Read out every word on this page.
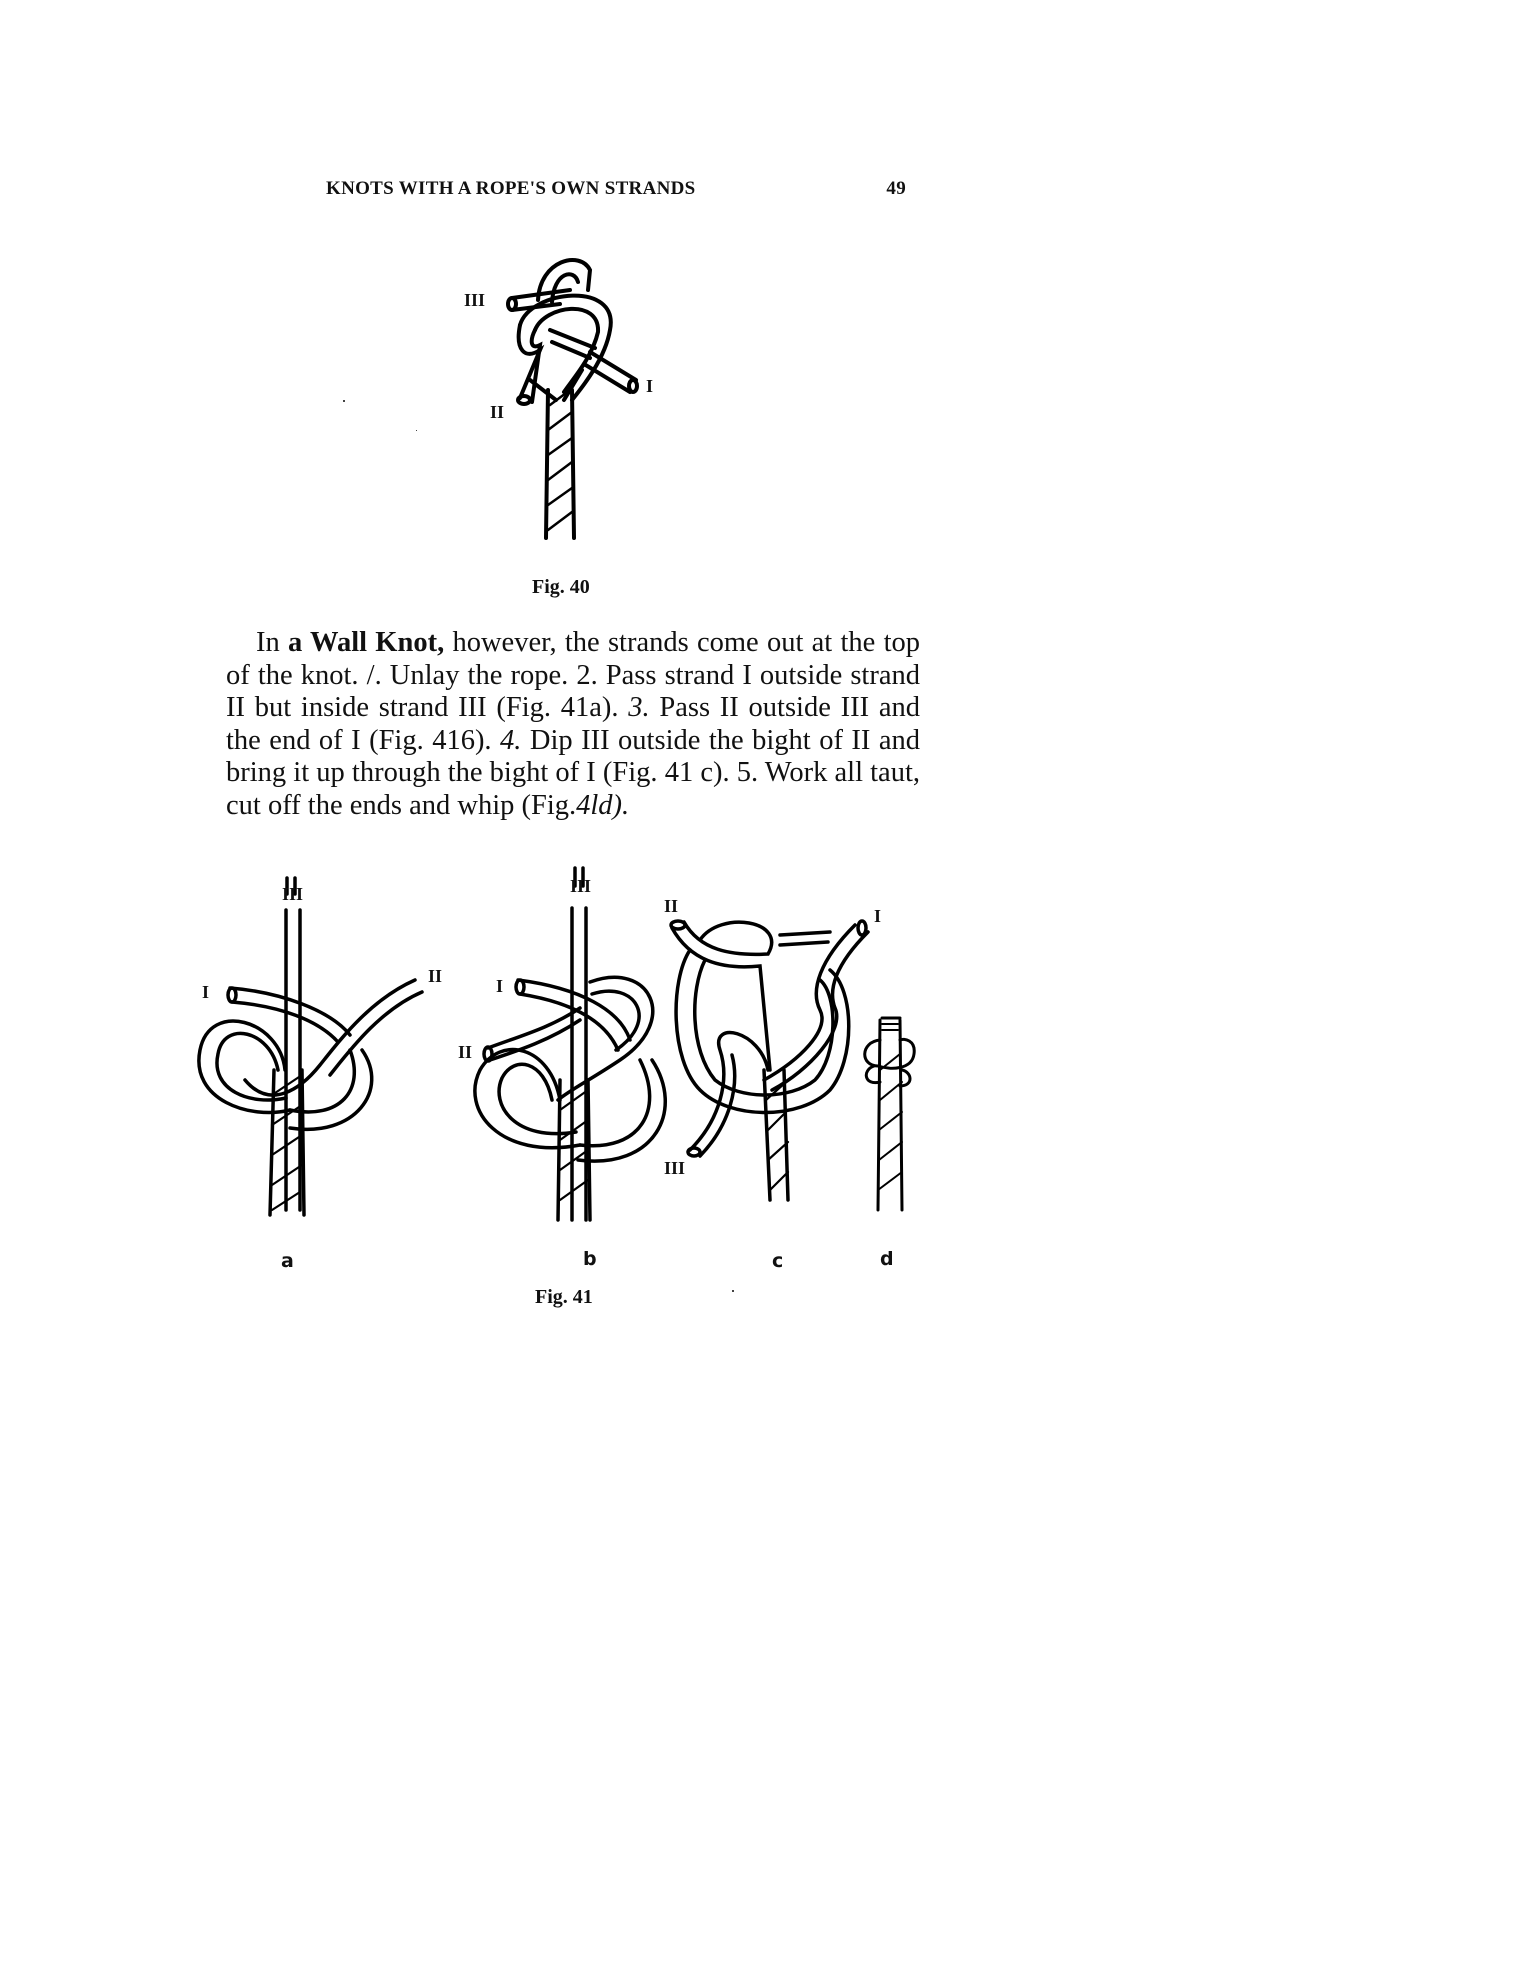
KNOTS WITH A ROPE'S OWN STRANDS	49
III
II
I
Fig. 40

In a Wall Knot, however, the strands come out at the top of the knot. /. Unlay the rope. 2. Pass strand I outside strand II but inside strand III (Fig. 41a). 3. Pass II outside III and the end of I (Fig. 416). 4. Dip III outside the bight of II and bring it up through the bight of I (Fig. 41 c). 5. Work all taut, cut off the ends and whip (Fig.4ld).

III
I
II
a
III
I
II
b
II	I
III
c	d
Fig. 41
